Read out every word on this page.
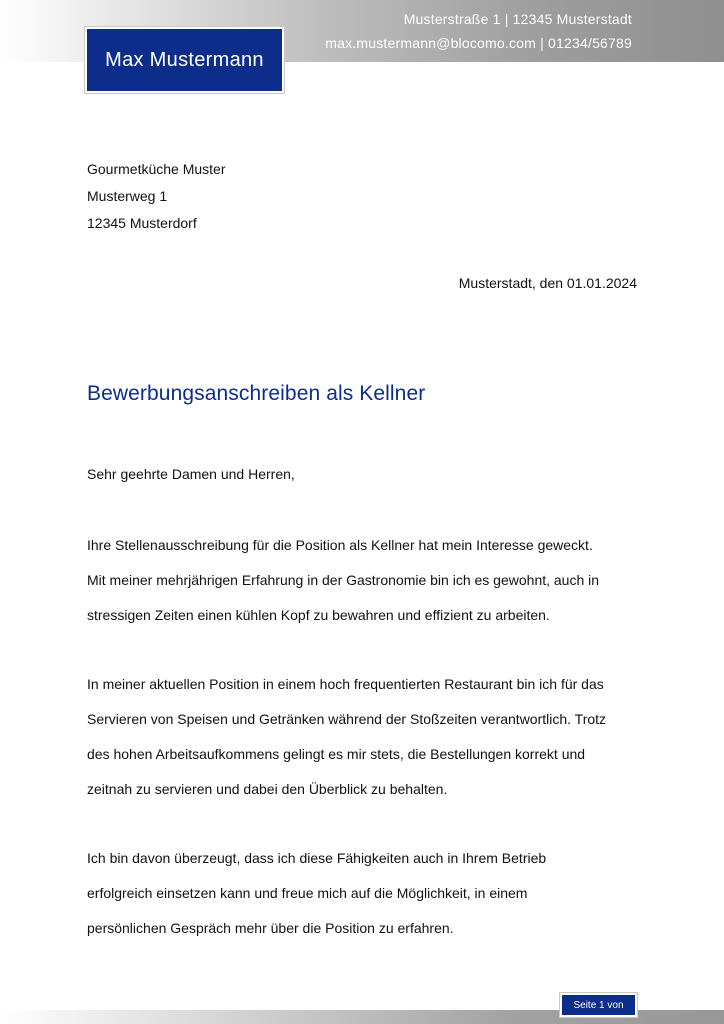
Musterstraße 1 | 12345 Musterstadt
max.mustermann@blocomo.com | 01234/56789
Max Mustermann
Gourmetküche Muster
Musterweg 1
12345 Musterdorf
Musterstadt, den 01.01.2024
Bewerbungsanschreiben als Kellner
Sehr geehrte Damen und Herren,
Ihre Stellenausschreibung für die Position als Kellner hat mein Interesse geweckt.
Mit meiner mehrjährigen Erfahrung in der Gastronomie bin ich es gewohnt, auch in
stressigen Zeiten einen kühlen Kopf zu bewahren und effizient zu arbeiten.
In meiner aktuellen Position in einem hoch frequentierten Restaurant bin ich für das
Servieren von Speisen und Getränken während der Stoßzeiten verantwortlich. Trotz
des hohen Arbeitsaufkommens gelingt es mir stets, die Bestellungen korrekt und
zeitnah zu servieren und dabei den Überblick zu behalten.
Ich bin davon überzeugt, dass ich diese Fähigkeiten auch in Ihrem Betrieb
erfolgreich einsetzen kann und freue mich auf die Möglichkeit, in einem
persönlichen Gespräch mehr über die Position zu erfahren.
Seite 1 von
